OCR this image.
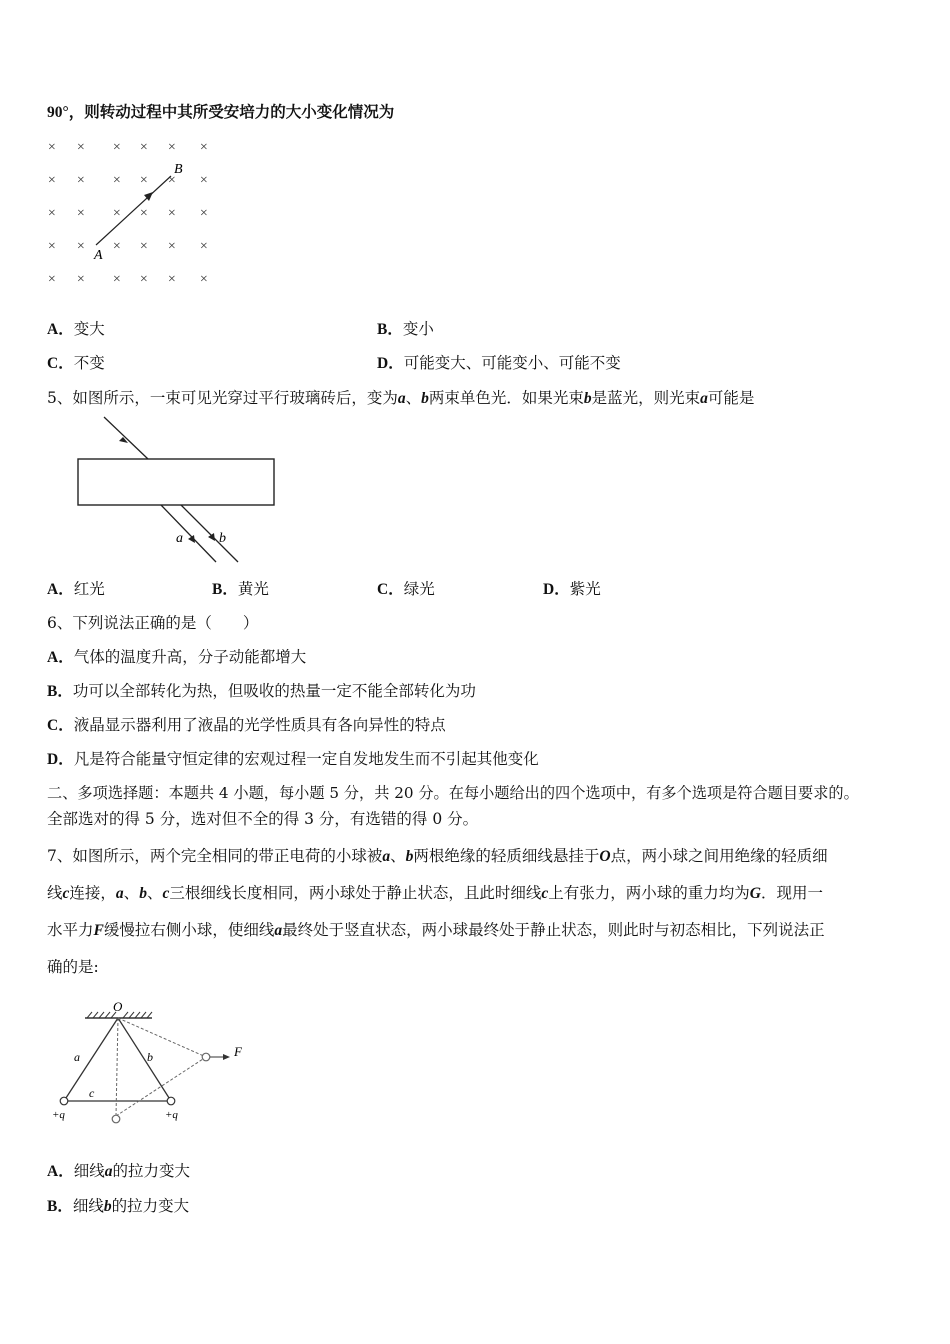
90°，则转动过程中其所受安培力的大小变化情况为
× × × × × ×
× × × × × ×
× × × × × ×
× × × × × ×
× × × × × ×
A
B
A．变大	B．变小
C．不变	D．可能变大、可能变小、可能不变
5、如图所示，一束可见光穿过平行玻璃砖后，变为a、b两束单色光．如果光束b是蓝光，则光束a可能是
a	b
A．红光	B．黄光	C．绿光	D．紫光
6、下列说法正确的是（　　）
A．气体的温度升高，分子动能都增大
B．功可以全部转化为热，但吸收的热量一定不能全部转化为功
C．液晶显示器利用了液晶的光学性质具有各向异性的特点
D．凡是符合能量守恒定律的宏观过程一定自发地发生而不引起其他变化
二、多项选择题：本题共 4 小题，每小题 5 分，共 20 分。在每小题给出的四个选项中，有多个选项是符合题目要求的。
全部选对的得 5 分，选对但不全的得 3 分，有选错的得 0 分。
7、如图所示，两个完全相同的带正电荷的小球被a、b两根绝缘的轻质细线悬挂于O点，两小球之间用绝缘的轻质细
线c连接，a、b、c三根细线长度相同，两小球处于静止状态，且此时细线c上有张力，两小球的重力均为G．现用一
水平力F缓慢拉右侧小球，使细线a最终处于竖直状态，两小球最终处于静止状态，则此时与初态相比，下列说法正
确的是:
O
F
a	b
c
+q	+q
A．细线a的拉力变大
B．细线b的拉力变大
